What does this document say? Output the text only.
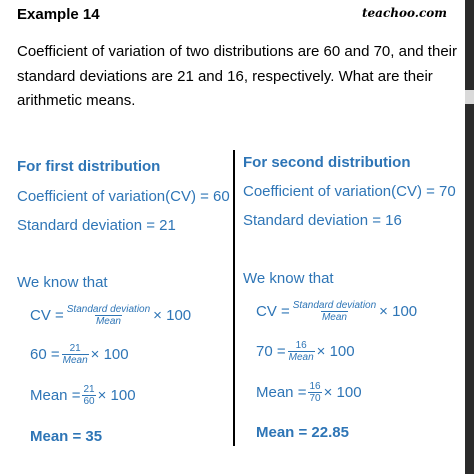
Example 14	teachoo.com
Coefficient of variation of two distributions are 60 and 70, and their standard deviations are 21 and 16, respectively. What are their arithmetic means.
For first distribution
Coefficient of variation(CV) = 60
Standard deviation = 21
We know that
CV = $\frac{\text{Standard deviation}}{\text{Mean}} \times 100$
$60 = \frac{21}{\text{Mean}} \times 100$
Mean = $\frac{21}{60} \times 100$
Mean = 35
For second distribution
Coefficient of variation(CV) = 70
Standard deviation = 16
We know that
CV = $\frac{\text{Standard deviation}}{\text{Mean}} \times 100$
$70 = \frac{16}{\text{Mean}} \times 100$
Mean = $\frac{16}{70} \times 100$
Mean = 22.85
